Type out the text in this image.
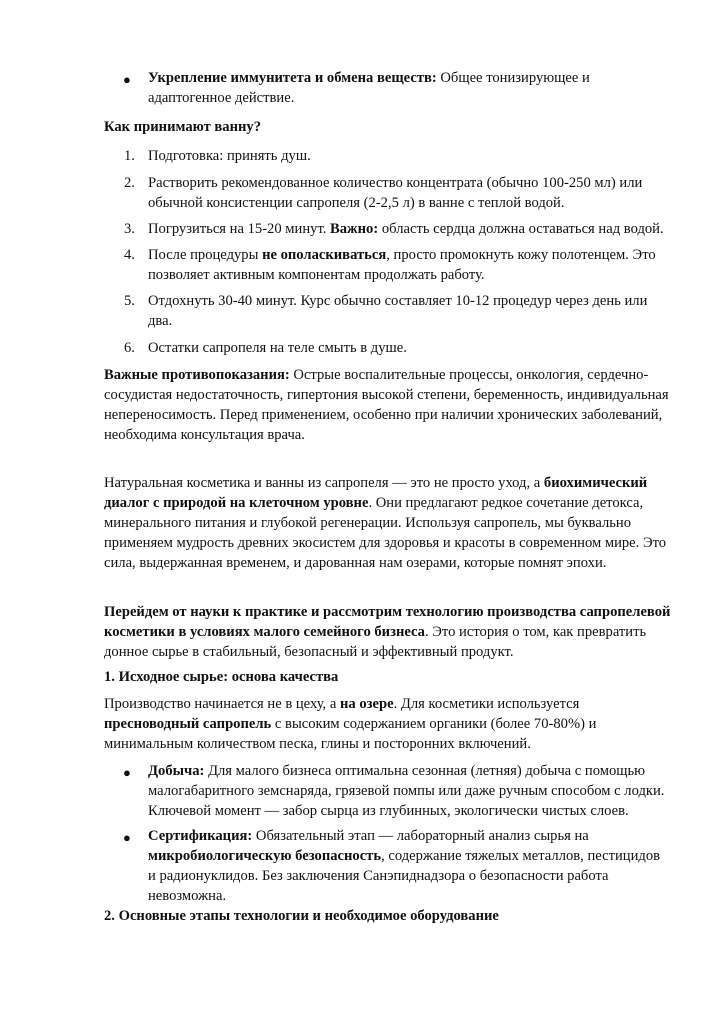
● Укрепление иммунитета и обмена веществ: Общее тонизирующее и адаптогенное действие.

Как принимают ванну?

1. Подготовка: принять душ.

2. Растворить рекомендованное количество концентрата (обычно 100-250 мл) или обычной консистенции сапропеля (2-2,5 л) в ванне с теплой водой.

3. Погрузиться на 15-20 минут. Важно: область сердца должна оставаться над водой.

4. После процедуры не ополаскиваться, просто промокнуть кожу полотенцем. Это позволяет активным компонентам продолжать работу.

5. Отдохнуть 30-40 минут. Курс обычно составляет 10-12 процедур через день или два.

6. Остатки сапропеля на теле смыть в душе.

Важные противопоказания: Острые воспалительные процессы, онкология, сердечно-сосудистая недостаточность, гипертония высокой степени, беременность, индивидуальная непереносимость. Перед применением, особенно при наличии хронических заболеваний, необходима консультация врача.

Натуральная косметика и ванны из сапропеля — это не просто уход, а биохимический диалог с природой на клеточном уровне. Они предлагают редкое сочетание детокса, минерального питания и глубокой регенерации. Используя сапропель, мы буквально применяем мудрость древних экосистем для здоровья и красоты в современном мире. Это сила, выдержанная временем, и дарованная нам озерами, которые помнят эпохи.

Перейдем от науки к практике и рассмотрим технологию производства сапропелевой косметики в условиях малого семейного бизнеса. Это история о том, как превратить донное сырье в стабильный, безопасный и эффективный продукт.

1. Исходное сырье: основа качества

Производство начинается не в цеху, а на озере. Для косметики используется пресноводный сапропель с высоким содержанием органики (более 70-80%) и минимальным количеством песка, глины и посторонних включений.

● Добыча: Для малого бизнеса оптимальна сезонная (летняя) добыча с помощью малогабаритного земснаряда, грязевой помпы или даже ручным способом с лодки. Ключевой момент — забор сырца из глубинных, экологически чистых слоев.

● Сертификация: Обязательный этап — лабораторный анализ сырья на микробиологическую безопасность, содержание тяжелых металлов, пестицидов и радионуклидов. Без заключения Санэпиднадзора о безопасности работа невозможна.

2. Основные этапы технологии и необходимое оборудование
